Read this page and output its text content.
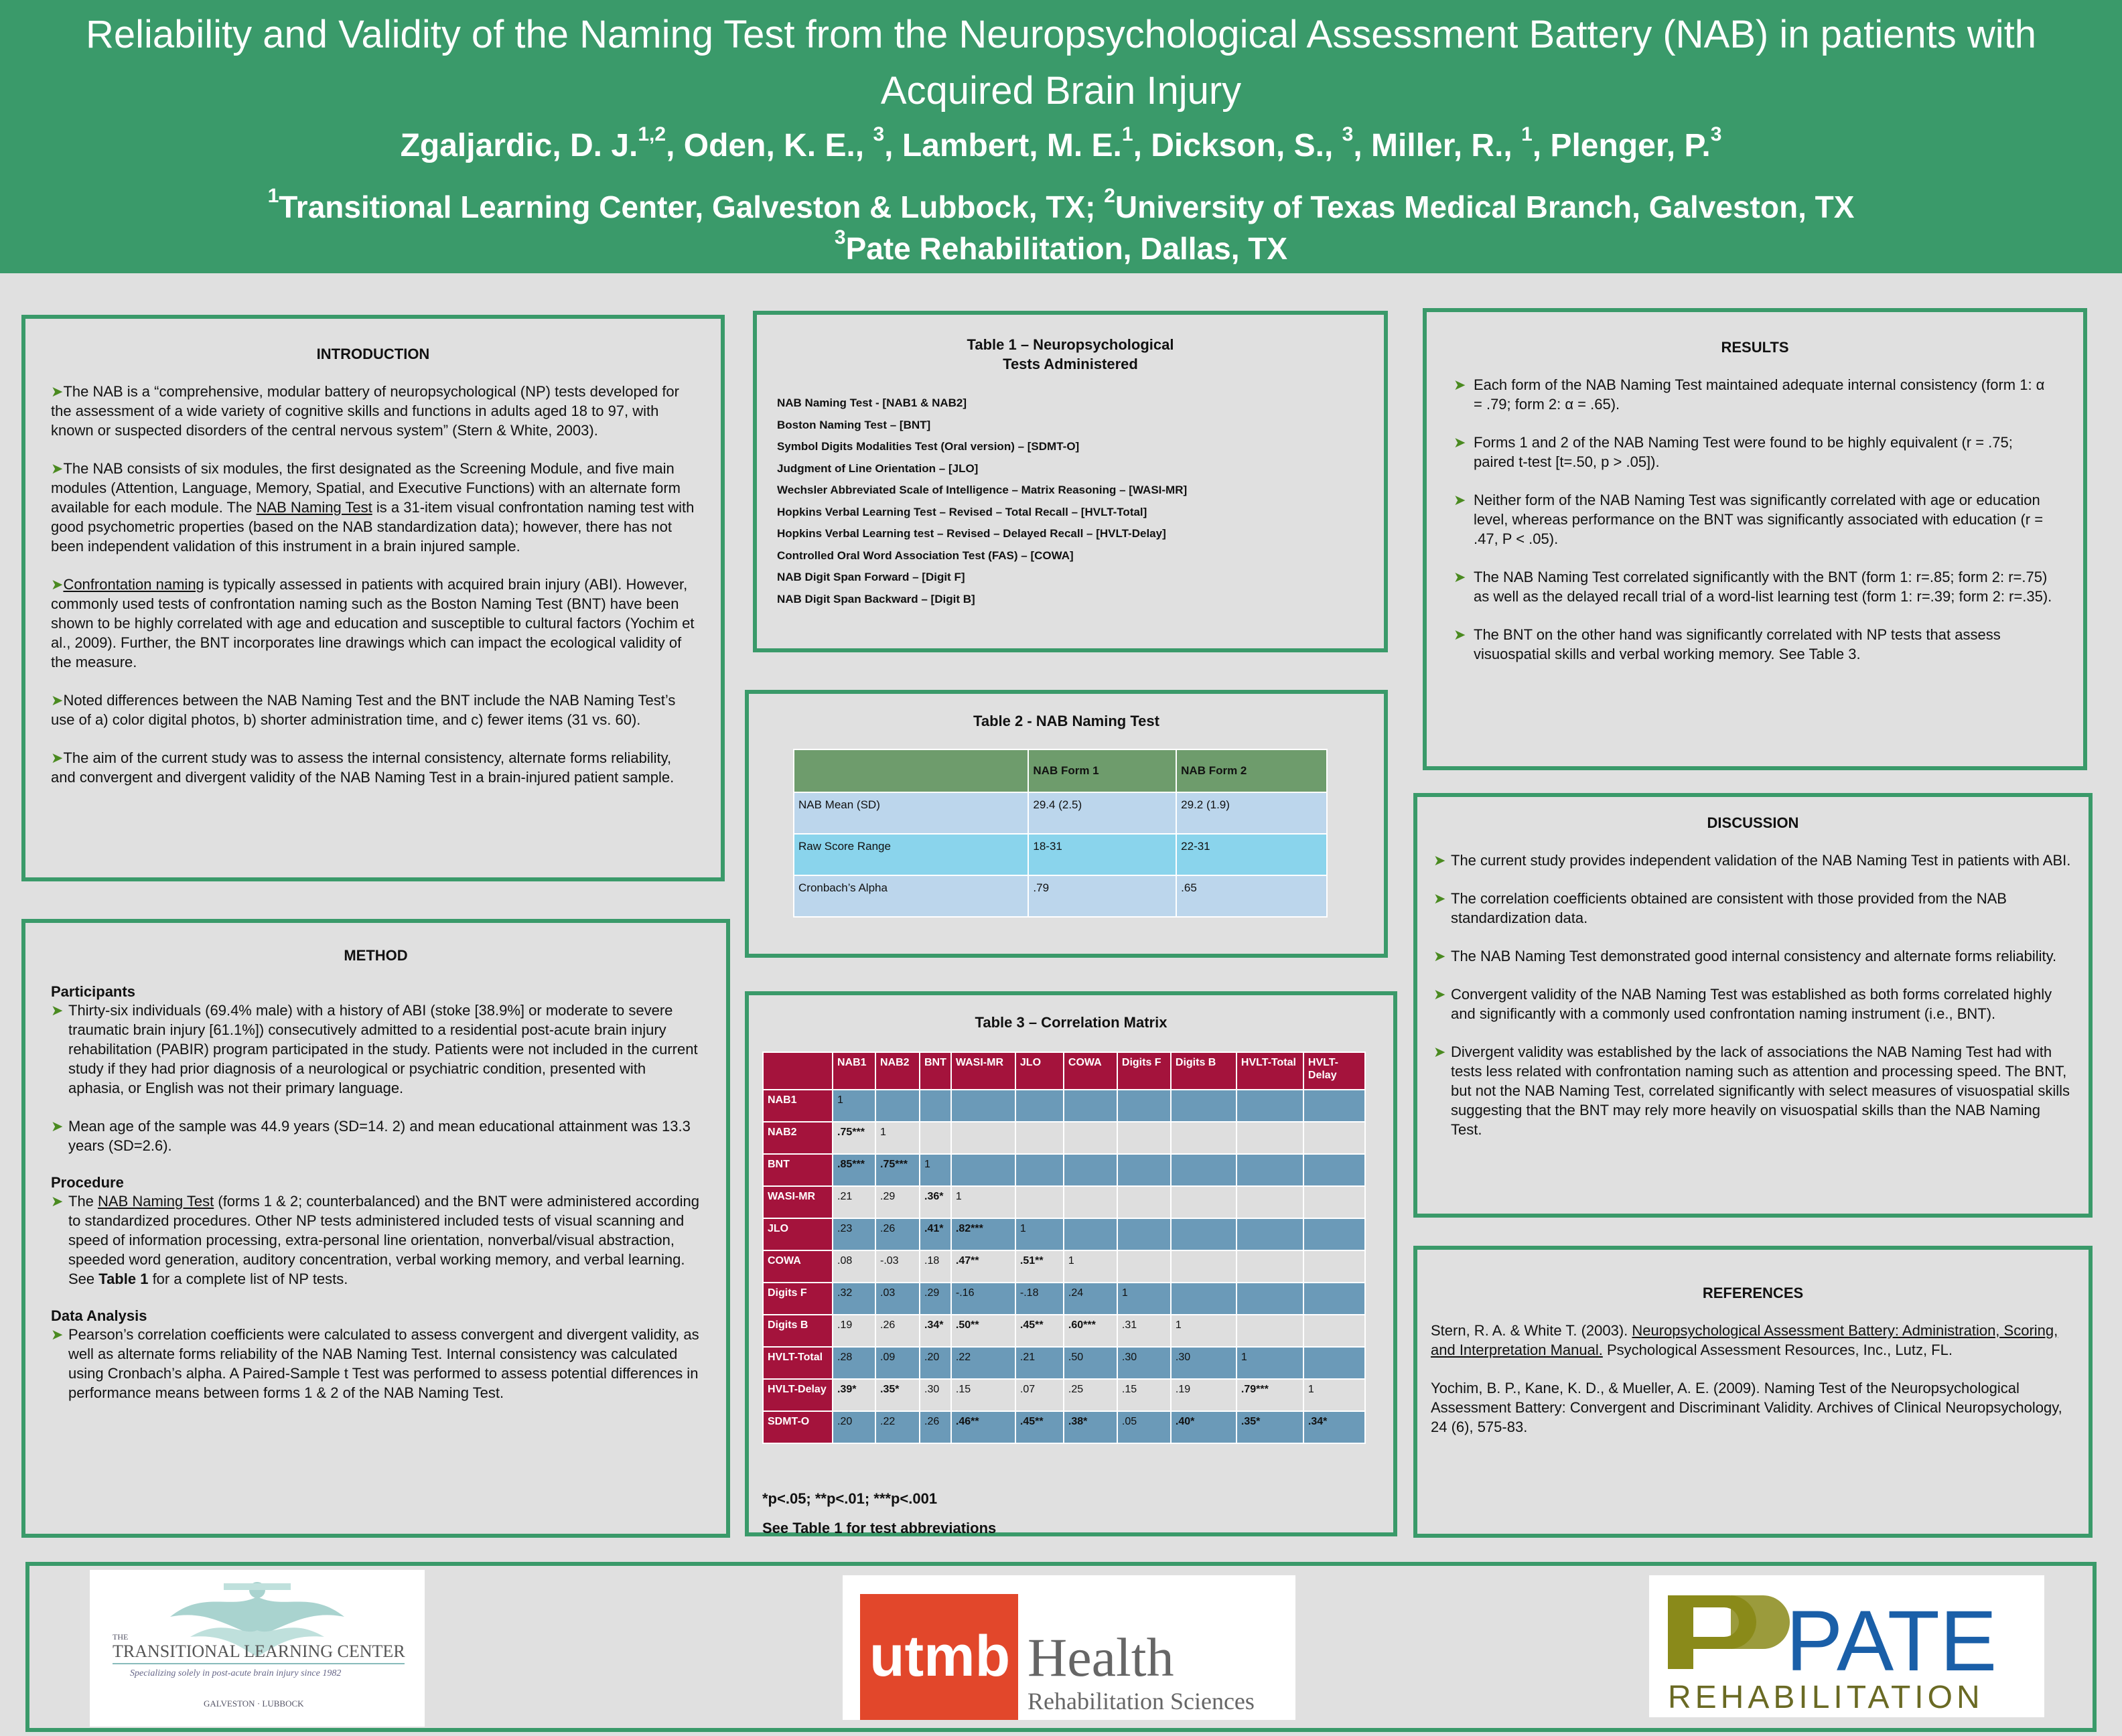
Reliability and Validity of the Naming Test from the Neuropsychological Assessment Battery (NAB) in patients with Acquired Brain Injury
Zgaljardic, D. J.$^{1,2}$, Oden, K. E., $^3$, Lambert, M. E.$^1$, Dickson, S., $^3$, Miller, R., $^1$, Plenger, P.$^3$
$^1$Transitional Learning Center, Galveston & Lubbock, TX; $^2$University of Texas Medical Branch, Galveston, TX
$^3$Pate Rehabilitation, Dallas, TX
INTRODUCTION

➤The NAB is a “comprehensive, modular battery of neuropsychological (NP) tests developed for the assessment of a wide variety of cognitive skills and functions in adults aged 18 to 97, with known or suspected disorders of the central nervous system” (Stern & White, 2003).

➤The NAB consists of six modules, the first designated as the Screening Module, and five main modules (Attention, Language, Memory, Spatial, and Executive Functions) with an alternate form available for each module. The NAB Naming Test is a 31-item visual confrontation naming test with good psychometric properties (based on the NAB standardization data); however, there has not been independent validation of this instrument in a brain injured sample.

➤Confrontation naming is typically assessed in patients with acquired brain injury (ABI). However, commonly used tests of confrontation naming such as the Boston Naming Test (BNT) have been shown to be highly correlated with age and education and susceptible to cultural factors (Yochim et al., 2009). Further, the BNT incorporates line drawings which can impact the ecological validity of the measure.

➤Noted differences between the NAB Naming Test and the BNT include the NAB Naming Test’s use of a) color digital photos, b) shorter administration time, and c) fewer items (31 vs. 60).

➤The aim of the current study was to assess the internal consistency, alternate forms reliability, and convergent and divergent validity of the NAB Naming Test in a brain-injured patient sample.

METHOD
Participants
➤ Thirty-six individuals (69.4% male) with a history of ABI (stoke [38.9%] or moderate to severe traumatic brain injury [61.1%]) consecutively admitted to a residential post-acute brain injury rehabilitation (PABIR) program participated in the study. Patients were not included in the current study if they had prior diagnosis of a neurological or psychiatric condition, presented with aphasia, or English was not their primary language.
➤ Mean age of the sample was 44.9 years (SD=14. 2) and mean educational attainment was 13.3 years (SD=2.6).
Procedure
➤ The NAB Naming Test (forms 1 & 2; counterbalanced) and the BNT were administered according to standardized procedures. Other NP tests administered included tests of visual scanning and speed of information processing, extra-personal line orientation, nonverbal/visual abstraction, speeded word generation, auditory concentration, verbal working memory, and verbal learning. See Table 1 for a complete list of NP tests.
Data Analysis
➤ Pearson’s correlation coefficients were calculated to assess convergent and divergent validity, as well as alternate forms reliability of the NAB Naming Test. Internal consistency was calculated using Cronbach’s alpha. A Paired-Sample t Test was performed to assess potential differences in performance means between forms 1 & 2 of the NAB Naming Test.
Table 1 – Neuropsychological
Tests Administered
NAB Naming Test - [NAB1 & NAB2]
Boston Naming Test – [BNT]
Symbol Digits Modalities Test (Oral version) – [SDMT-O]
Judgment of Line Orientation – [JLO]
Wechsler Abbreviated Scale of Intelligence – Matrix Reasoning – [WASI-MR]
Hopkins Verbal Learning Test – Revised – Total Recall – [HVLT-Total]
Hopkins Verbal Learning test – Revised – Delayed Recall – [HVLT-Delay]
Controlled Oral Word Association Test (FAS) – [COWA]
NAB Digit Span Forward – [Digit F]
NAB Digit Span Backward – [Digit B]
Table 2 - NAB Naming Test
	NAB Form 1	NAB Form 2
NAB Mean (SD)	29.4 (2.5)	29.2 (1.9)
Raw Score Range	18-31	22-31
Cronbach’s Alpha	.79	.65
Table 3 – Correlation Matrix
	NAB1	NAB2	BNT	WASI-MR	JLO	COWA	Digits F	Digits B	HVLT-Total	HVLT-Delay
NAB1	1									
NAB2	.75***	1								
BNT	.85***	.75***	1							
WASI-MR	.21	.29	.36*	1						
JLO	.23	.26	.41*	.82***	1					
COWA	.08	-.03	.18	.47**	.51**	1				
Digits F	.32	.03	.29	-.16	-.18	.24	1			
Digits B	.19	.26	.34*	.50**	.45**	.60***	.31	1		
HVLT-Total	.28	.09	.20	.22	.21	.50	.30	.30	1	
HVLT-Delay	.39*	.35*	.30	.15	.07	.25	.15	.19	.79***	1
SDMT-O	.20	.22	.26	.46**	.45**	.38*	.05	.40*	.35*	.34*
*p<.05; **p<.01; ***p<.001
See Table 1 for test abbreviations
RESULTS
➤ Each form of the NAB Naming Test maintained adequate internal consistency (form 1: α = .79; form 2: α = .65).
➤ Forms 1 and 2 of the NAB Naming Test were found to be highly equivalent (r = .75; paired t-test [t=.50, p > .05]).
➤ Neither form of the NAB Naming Test was significantly correlated with age or education level, whereas performance on the BNT was significantly associated with education (r = .47, P < .05).
➤ The NAB Naming Test correlated significantly with the BNT (form 1: r=.85; form 2: r=.75) as well as the delayed recall trial of a word-list learning test (form 1: r=.39; form 2: r=.35).
➤ The BNT on the other hand was significantly correlated with NP tests that assess visuospatial skills and verbal working memory. See Table 3.
DISCUSSION
➤ The current study provides independent validation of the NAB Naming Test in patients with ABI.
➤ The correlation coefficients obtained are consistent with those provided from the NAB standardization data.
➤ The NAB Naming Test demonstrated good internal consistency and alternate forms reliability.
➤ Convergent validity of the NAB Naming Test was established as both forms correlated highly and significantly with a commonly used confrontation naming instrument (i.e., BNT).
➤ Divergent validity was established by the lack of associations the NAB Naming Test had with tests less related with confrontation naming such as attention and processing speed. The BNT, but not the NAB Naming Test, correlated significantly with select measures of visuospatial skills suggesting that the BNT may rely more heavily on visuospatial skills than the NAB Naming Test.
REFERENCES

Stern, R. A. & White T. (2003). Neuropsychological Assessment Battery: Administration, Scoring, and Interpretation Manual. Psychological Assessment Resources, Inc., Lutz, FL.

Yochim, B. P., Kane, K. D., & Mueller, A. E. (2009). Naming Test of the Neuropsychological Assessment Battery: Convergent and Discriminant Validity. Archives of Clinical Neuropsychology, 24 (6), 575-83.

THE
TRANSITIONAL LEARNING CENTER
Specializing solely in post-acute brain injury since 1982
GALVESTON · LUBBOCK
utmb Health
Rehabilitation Sciences
PATE
REHABILITATION
